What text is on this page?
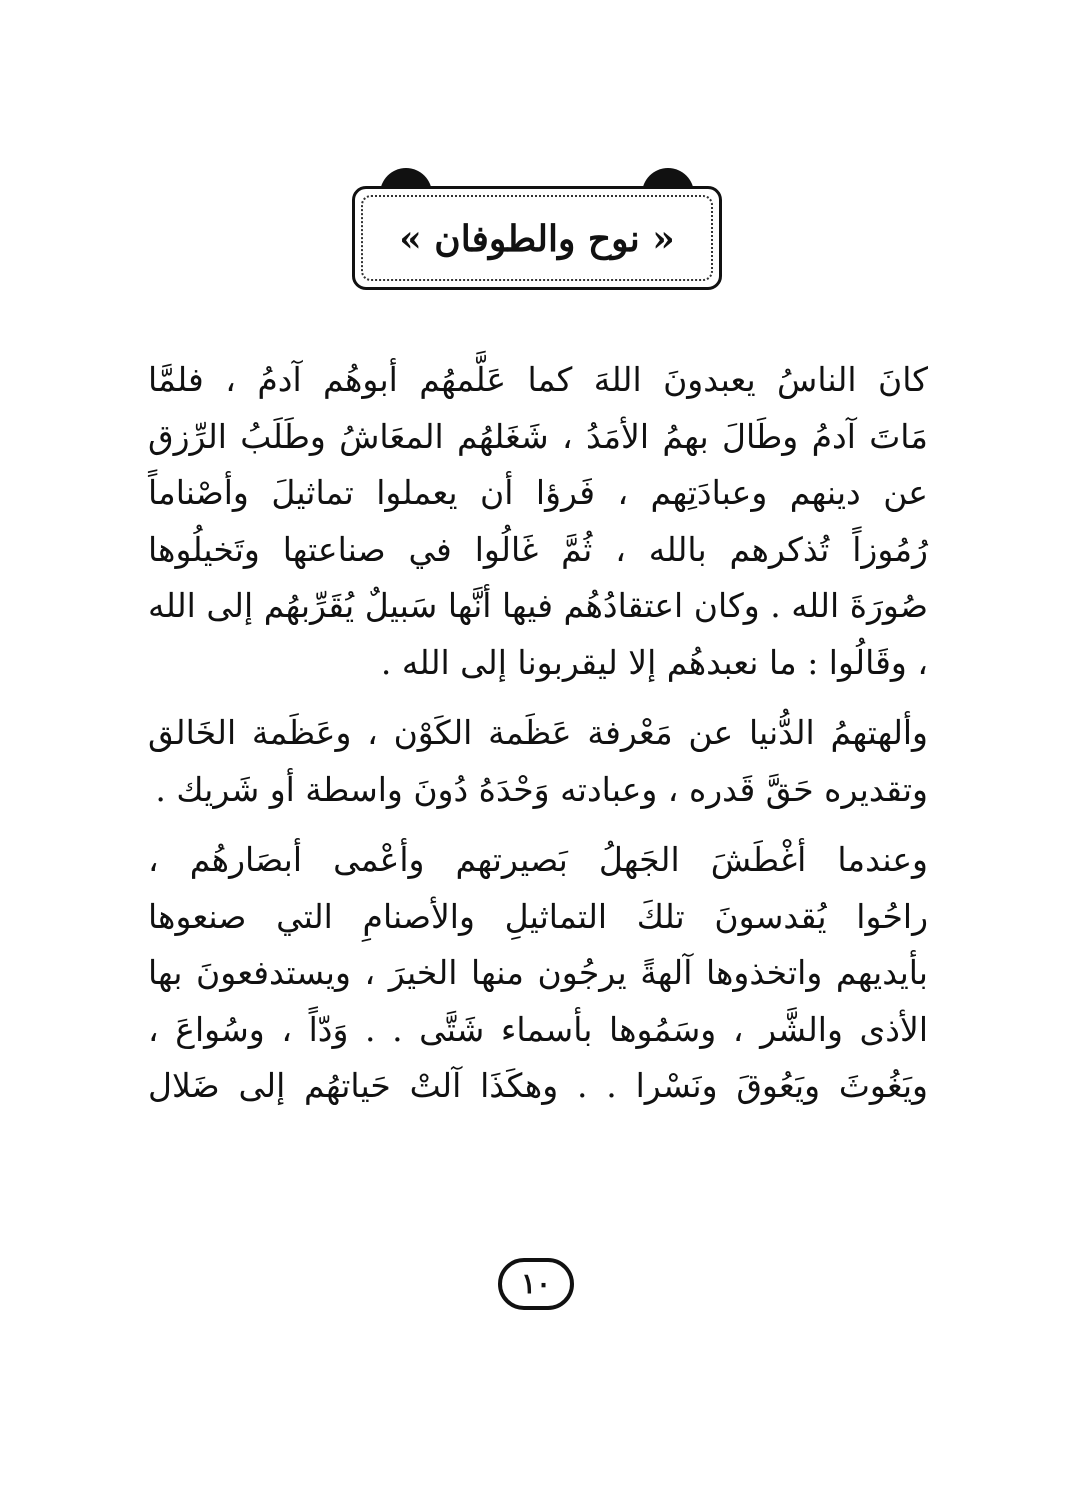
« نوح والطوفان »
كانَ الناسُ يعبدونَ اللهَ كما عَلَّمهُم أبوهُم آدمُ ، فلمَّا
مَاتَ آدمُ وطَالَ بهمُ الأمَدُ ، شَغَلهُم المعَاشُ وطَلَبُ الرِّزق
عن دينهم وعبادَتِهم ، فَرؤا أن يعملوا تماثيلَ وأصْناماً
رُمُوزاً تُذكرهم بالله ، ثُمَّ غَالُوا في صناعتها وتَخيلُوها
صُورَةَ الله . وكان اعتقادُهُم فيها أنَّها سَبيلٌ يُقَرِّبهُم إلى الله
، وقَالُوا : ما نعبدهُم إلا ليقربونا إلى الله .
وألهتهمُ الدُّنيا عن مَعْرفة عَظَمة الكَوْن ، وعَظَمة الخَالق
وتقديره حَقَّ قَدره ، وعبادته وَحْدَهُ دُونَ واسطة أو شَريك .
وعندما أغْطَشَ الجَهلُ بَصيرتهم وأعْمى أبصَارهُم ،
راحُوا يُقدسونَ تلكَ التماثيلِ والأصنامِ التي صنعوها
بأيديهم واتخذوها آلهةً يرجُون منها الخيرَ ، ويستدفعونَ بها
الأذى والشَّر ، وسَمُوها بأسماء شَتَّى . . وَدّاً ، وسُواعَ ،
ويَغُوثَ ويَعُوقَ ونَسْرا . . وهكَذَا آلتْ حَياتهُم إلى ضَلال
١٠
